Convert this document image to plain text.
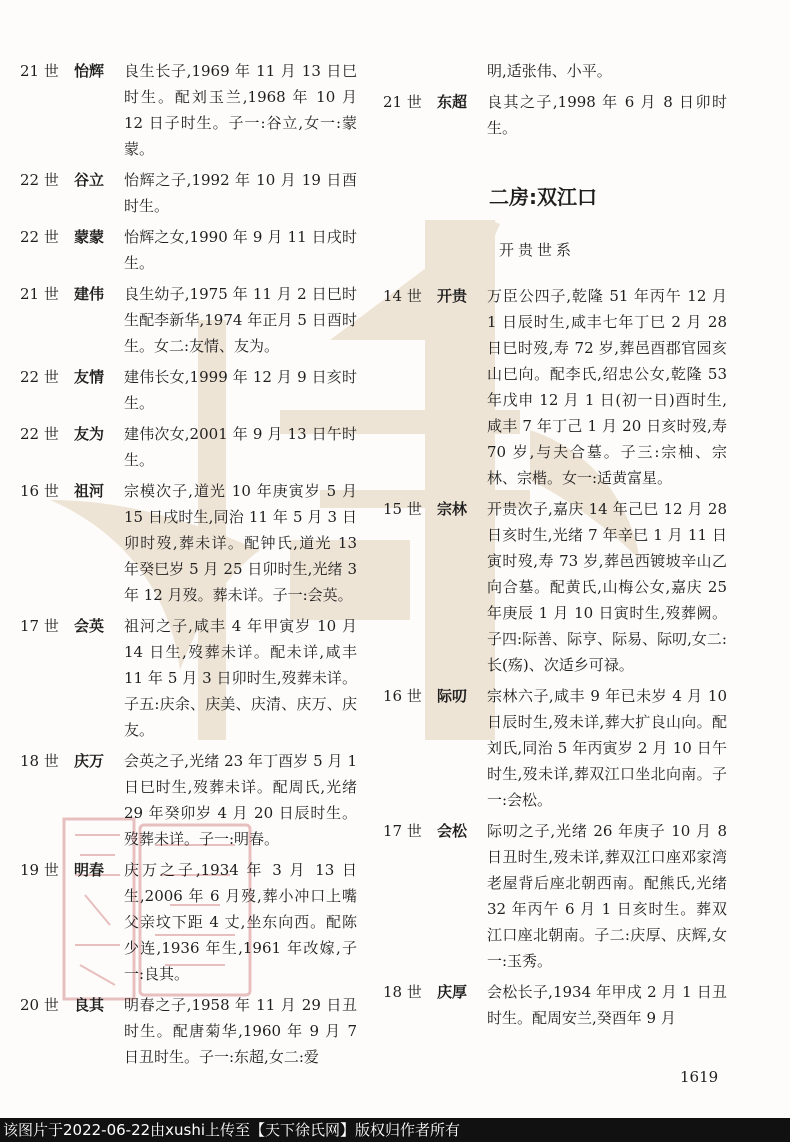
21 世	怡辉	良生长子,1969 年 11 月 13 日巳时生。配刘玉兰,1968 年 10 月 12 日子时生。子一:谷立,女一:蒙蒙。
22 世	谷立	怡辉之子,1992 年 10 月 19 日酉时生。
22 世	蒙蒙	怡辉之女,1990 年 9 月 11 日戌时生。
21 世	建伟	良生幼子,1975 年 11 月 2 日巳时生配李新华,1974 年正月 5 日酉时生。女二:友情、友为。
22 世	友情	建伟长女,1999 年 12 月 9 日亥时生。
22 世	友为	建伟次女,2001 年 9 月 13 日午时生。
16 世	祖河	宗模次子,道光 10 年庚寅岁 5 月 15 日戌时生,同治 11 年 5 月 3 日卯时歿,葬未详。配钟氏,道光 13 年癸巳岁 5 月 25 日卯时生,光绪 3 年 12 月歿。葬未详。子一:会英。
17 世	会英	祖河之子,咸丰 4 年甲寅岁 10 月 14 日生,歿葬未详。配未详,咸丰 11 年 5 月 3 日卯时生,歿葬未详。子五:庆余、庆美、庆清、庆万、庆友。
18 世	庆万	会英之子,光绪 23 年丁酉岁 5 月 1 日巳时生,歿葬未详。配周氏,光绪 29 年癸卯岁 4 月 20 日辰时生。歿葬未详。子一:明春。
19 世	明春	庆万之子,1934 年 3 月 13 日生,2006 年 6 月歿,葬小冲口上嘴父亲坟下距 4 丈,坐东向西。配陈少连,1936 年生,1961 年改嫁,子一:良其。
20 世	良其	明春之子,1958 年 11 月 29 日丑时生。配唐菊华,1960 年 9 月 7 日丑时生。子一:东超,女二:爱
明,适张伟、小平。
21 世	东超	良其之子,1998 年 6 月 8 日卯时生。
二房:双江口
开贵世系
14 世	开贵	万臣公四子,乾隆 51 年丙午 12 月 1 日辰时生,咸丰七年丁巳 2 月 28 日巳时歿,寿 72 岁,葬邑酉郡官园亥山巳向。配李氏,绍忠公女,乾隆 53 年戊申 12 月 1 日(初一日)酉时生,咸丰 7 年丁己 1 月 20 日亥时歿,寿 70 岁,与夫合墓。子三:宗柚、宗林、宗楷。女一:适黄富星。
15 世	宗林	开贵次子,嘉庆 14 年己巳 12 月 28 日亥时生,光绪 7 年辛巳 1 月 11 日寅时歿,寿 73 岁,葬邑西镀坡辛山乙向合墓。配黄氏,山梅公女,嘉庆 25 年庚辰 1 月 10 日寅时生,歿葬阙。子四:际善、际亨、际易、际叨,女二:长(殇)、次适乡可禄。
16 世	际叨	宗林六子,咸丰 9 年已未岁 4 月 10 日辰时生,歿未详,葬大扩良山向。配刘氏,同治 5 年丙寅岁 2 月 10 日午时生,歿未详,葬双江口坐北向南。子一:会松。
17 世	会松	际叨之子,光绪 26 年庚子 10 月 8 日丑时生,歿未详,葬双江口座邓家湾老屋背后座北朝西南。配熊氏,光绪 32 年丙午 6 月 1 日亥时生。葬双江口座北朝南。子二:庆厚、庆辉,女一:玉秀。
18 世	庆厚	会松长子,1934 年甲戌 2 月 1 日丑时生。配周安兰,癸酉年 9 月
1619
该图片于2022-06-22由xushi上传至【天下徐氏网】版权归作者所有
